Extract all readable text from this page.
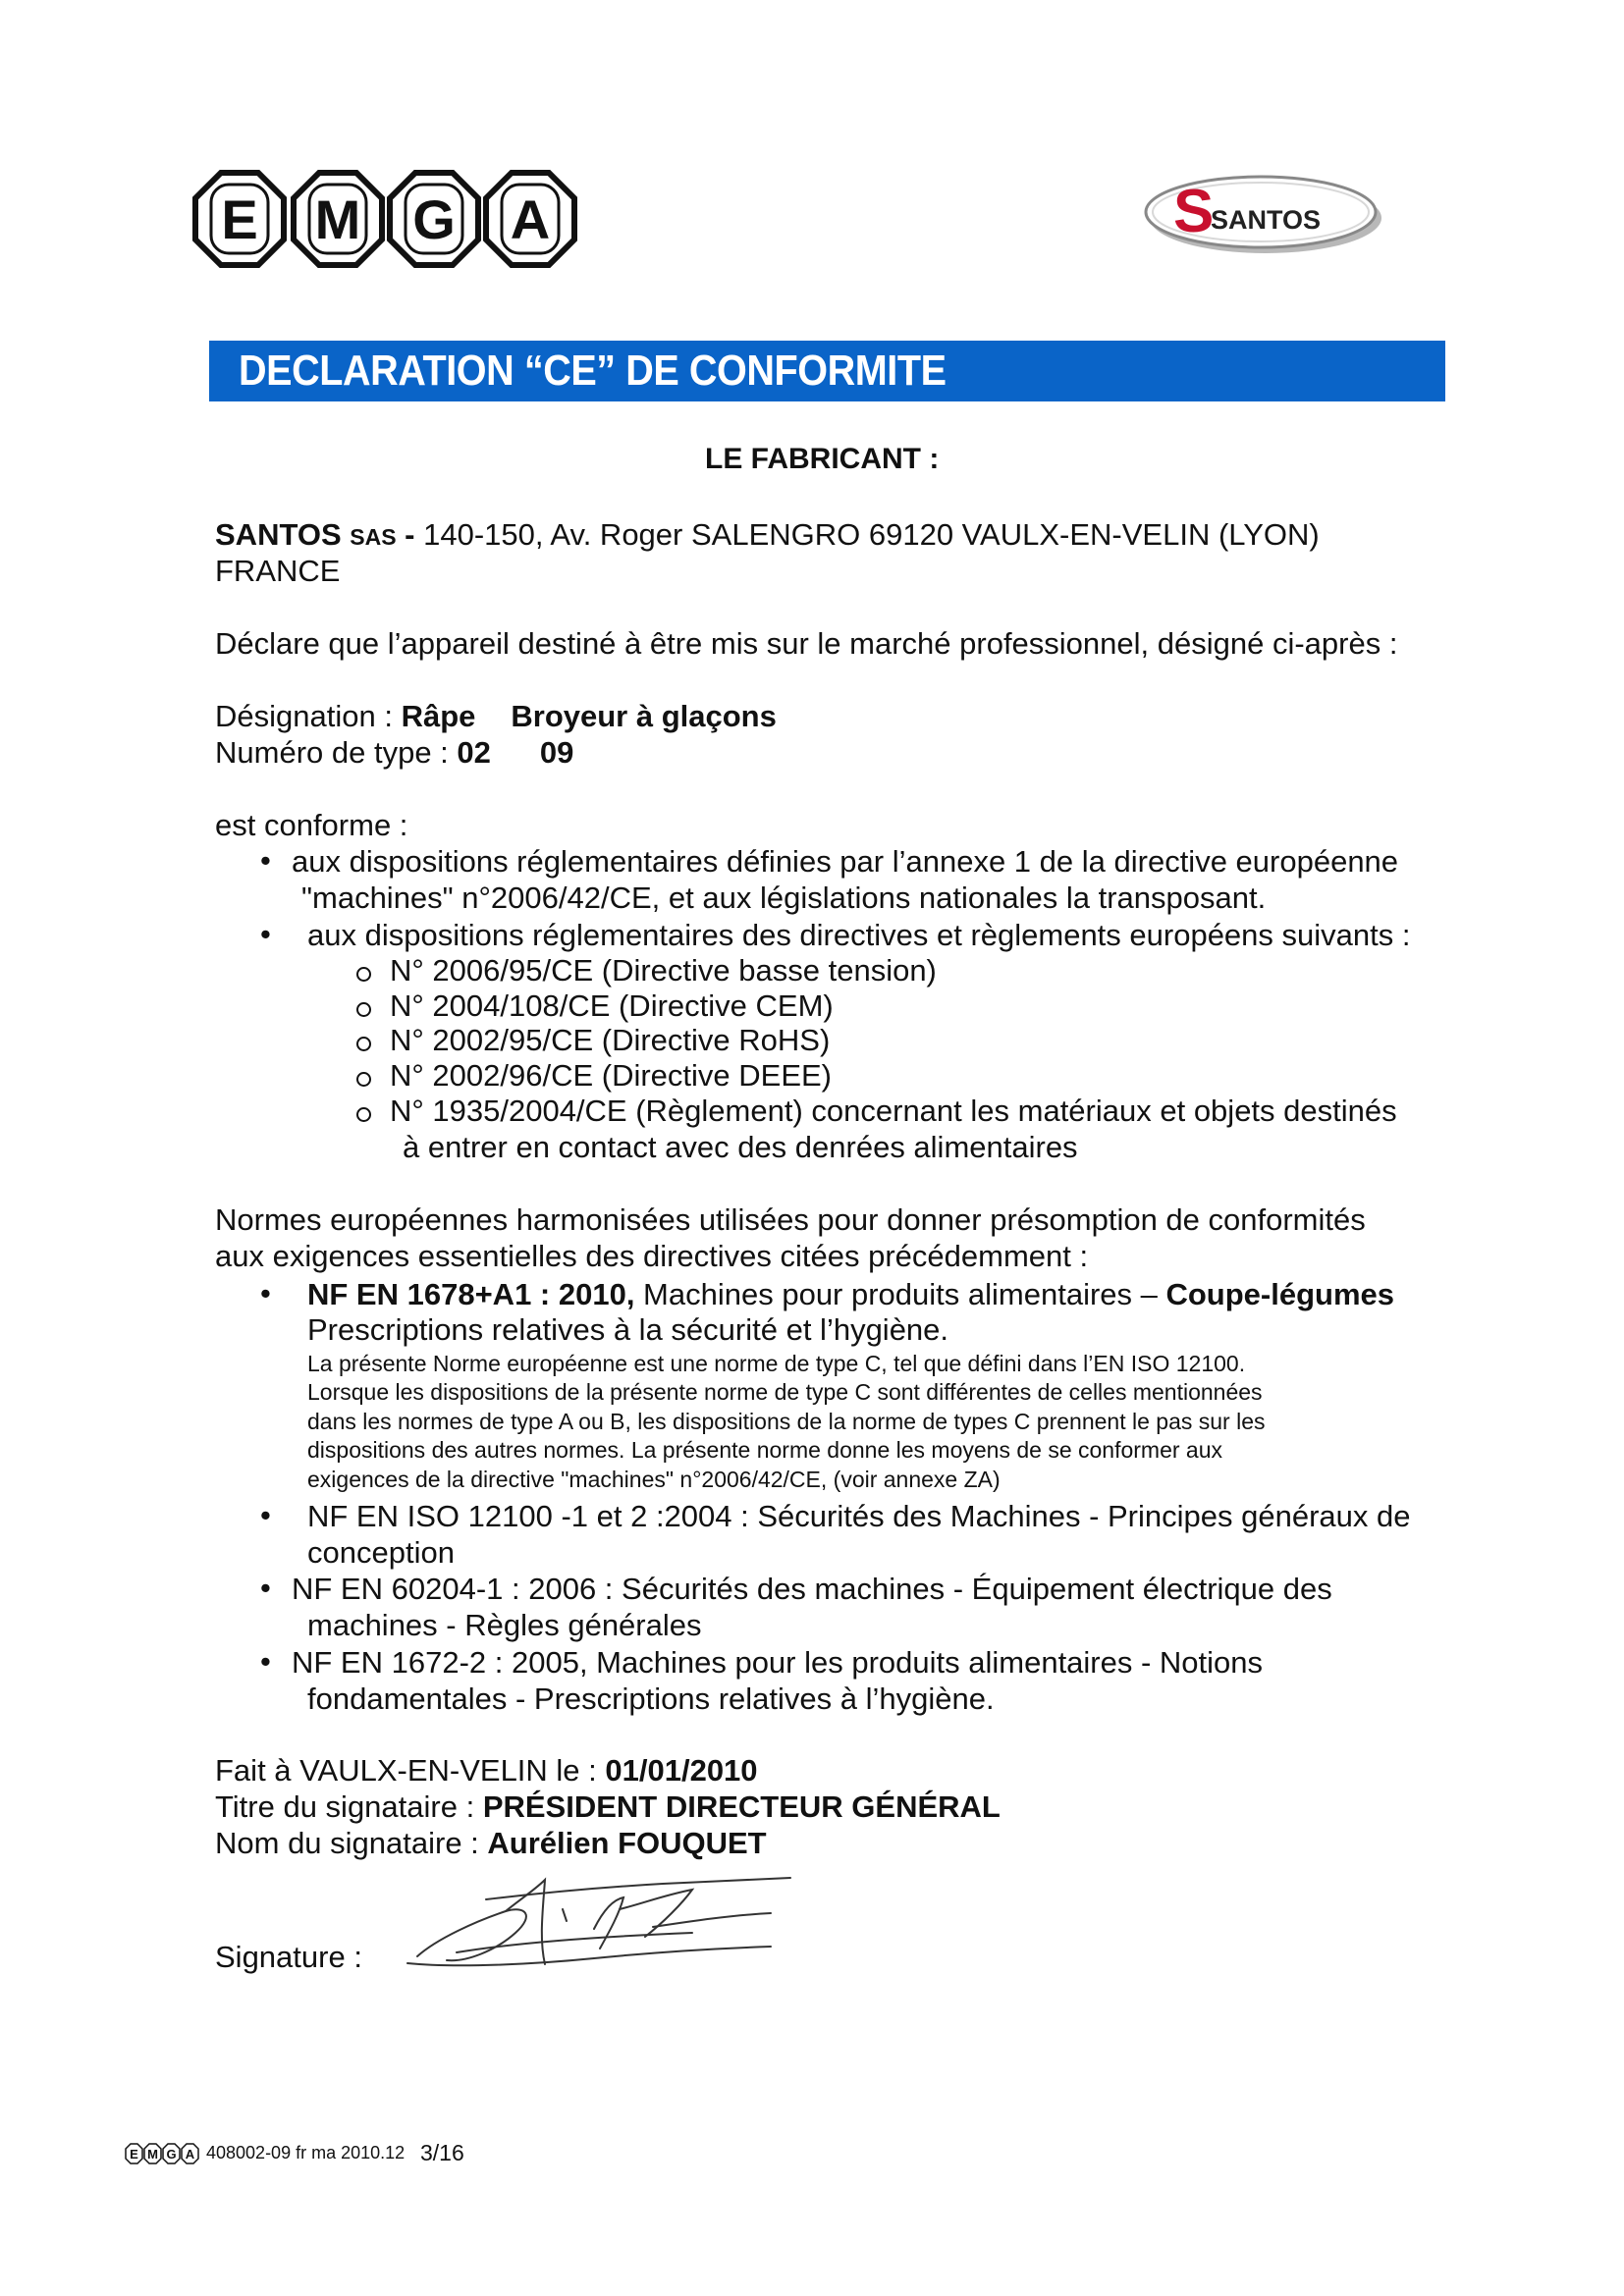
E M G A	S
SANTOS
DECLARATION “CE” DE CONFORMITE
LE FABRICANT :
SANTOS SAS - 140-150, Av. Roger SALENGRO 69120 VAULX-EN-VELIN (LYON)
FRANCE
Déclare que l’appareil destiné à être mis sur le marché professionnel, désigné ci-après :
Désignation : Râpe Broyeur à glaçons
Numéro de type : 02 09
est conforme :
• aux dispositions réglementaires définies par l’annexe 1 de la directive européenne
"machines" n°2006/42/CE, et aux législations nationales la transposant.
• aux dispositions réglementaires des directives et règlements européens suivants :
N° 2006/95/CE (Directive basse tension)
N° 2004/108/CE (Directive CEM)
N° 2002/95/CE (Directive RoHS)
N° 2002/96/CE (Directive DEEE)
N° 1935/2004/CE (Règlement) concernant les matériaux et objets destinés
à entrer en contact avec des denrées alimentaires
Normes européennes harmonisées utilisées pour donner présomption de conformités
aux exigences essentielles des directives citées précédemment :
• NF EN 1678+A1 : 2010, Machines pour produits alimentaires – Coupe-légumes
Prescriptions relatives à la sécurité et l’hygiène.
La présente Norme européenne est une norme de type C, tel que défini dans l’EN ISO 12100.
Lorsque les dispositions de la présente norme de type C sont différentes de celles mentionnées
dans les normes de type A ou B, les dispositions de la norme de types C prennent le pas sur les
dispositions des autres normes. La présente norme donne les moyens de se conformer aux
exigences de la directive "machines" n°2006/42/CE, (voir annexe ZA)
• NF EN ISO 12100 -1 et 2 :2004 : Sécurités des Machines - Principes généraux de
conception
• NF EN 60204-1 : 2006 : Sécurités des machines - Équipement électrique des
machines - Règles générales
• NF EN 1672-2 : 2005, Machines pour les produits alimentaires - Notions
fondamentales - Prescriptions relatives à l’hygiène.
Fait à VAULX-EN-VELIN le : 01/01/2010
Titre du signataire : PRÉSIDENT DIRECTEUR GÉNÉRAL
Nom du signataire : Aurélien FOUQUET
Signature :
E M G A 408002-09 fr ma 2010.12 3/16
